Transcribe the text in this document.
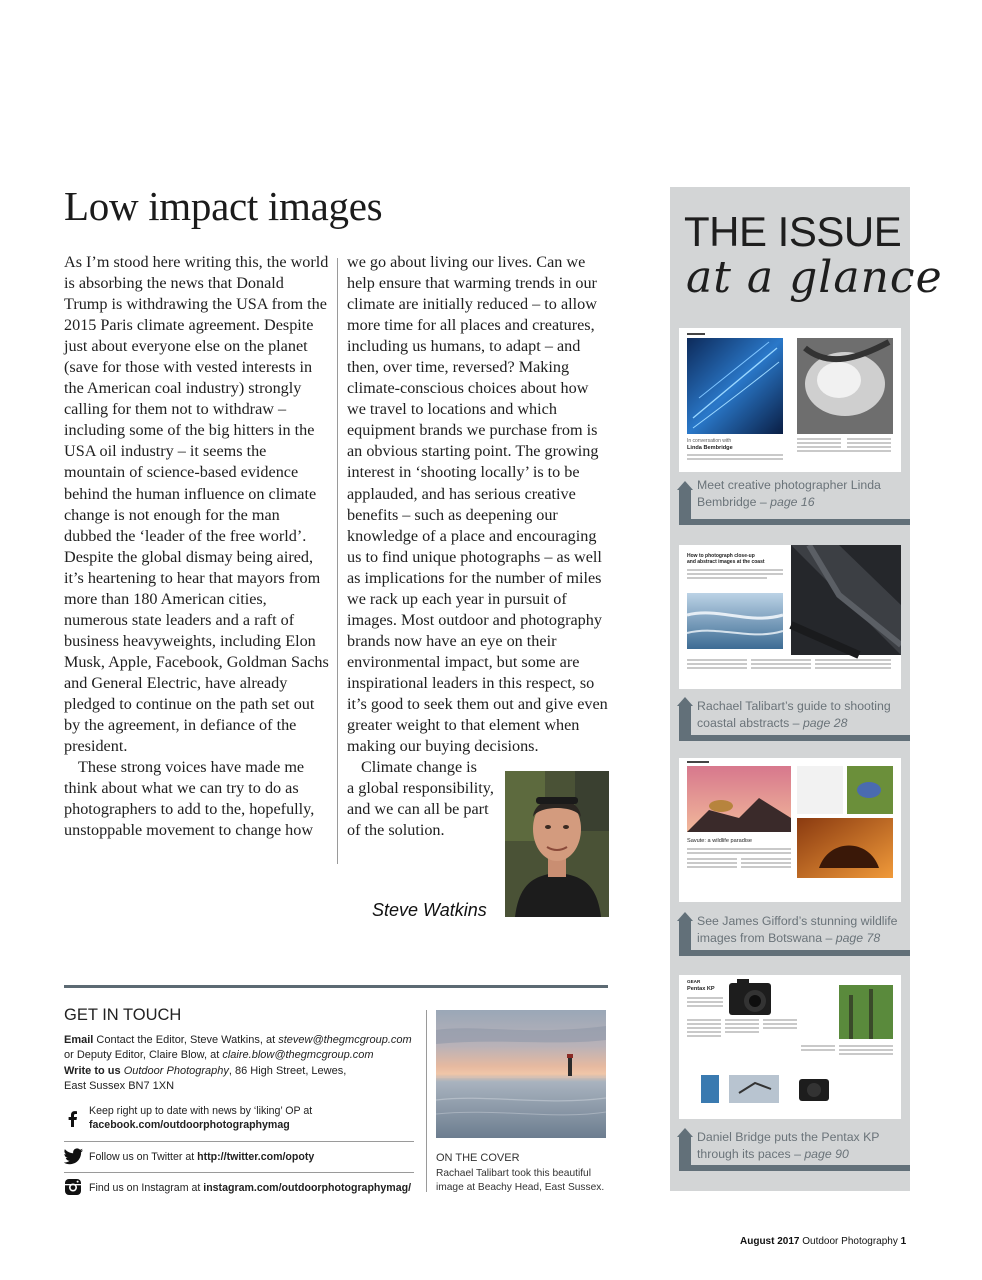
Low impact images

As I’m stood here writing this, the world is absorbing the news that Donald Trump is withdrawing the USA from the 2015 Paris climate agreement. Despite just about everyone else on the planet (save for those with vested interests in the American coal industry) strongly calling for them not to withdraw – including some of the big hitters in the USA oil industry – it seems the mountain of science-based evidence behind the human influence on climate change is not enough for the man dubbed the ‘leader of the free world’. Despite the global dismay being aired, it’s heartening to hear that mayors from more than 180 American cities, numerous state leaders and a raft of business heavyweights, including Elon Musk, Apple, Facebook, Goldman Sachs and General Electric, have already pledged to continue on the path set out by the agreement, in defiance of the president.

These strong voices have made me think about what we can try to do as photographers to add to the, hopefully, unstoppable movement to change how

we go about living our lives. Can we help ensure that warming trends in our climate are initially reduced – to allow more time for all places and creatures, including us humans, to adapt – and then, over time, reversed? Making climate-conscious choices about how we travel to locations and which equipment brands we purchase from is an obvious starting point. The growing interest in ‘shooting locally’ is to be applauded, and has serious creative benefits – such as deepening our knowledge of a place and encouraging us to find unique photographs – as well as implications for the number of miles we rack up each year in pursuit of images. Most outdoor and photography brands now have an eye on their environmental impact, but some are inspirational leaders in this respect, so it’s good to seek them out and give even greater weight to that element when making our buying decisions.

Climate change is
a global responsibility,
and we can all be part
of the solution.

Steve Watkins
GET IN TOUCH

Email Contact the Editor, Steve Watkins, at stevew@thegmcgroup.com
or Deputy Editor, Claire Blow, at claire.blow@thegmcgroup.com

Write to us Outdoor Photography, 86 High Street, Lewes,
East Sussex BN7 1XN

Keep right up to date with news by ‘liking’ OP at
facebook.com/outdoorphotographymag
Follow us on Twitter at http://twitter.com/opoty
Find us on Instagram at instagram.com/outdoorphotographymag/
ON THE COVER
Rachael Talibart took this beautiful image at Beachy Head, East Sussex.
August 2017 Outdoor Photography 1
THE ISSUE
at a glance
In conversation with
Linda Bembridge
Meet creative photographer Linda Bembridge – page 16
How to photograph close-up
and abstract images at the coast
Rachael Talibart’s guide to shooting coastal abstracts – page 28
Savute: a wildlife paradise
See James Gifford’s stunning wildlife images from Botswana – page 78
GEAR
Pentax KP
Daniel Bridge puts the Pentax KP through its paces – page 90
